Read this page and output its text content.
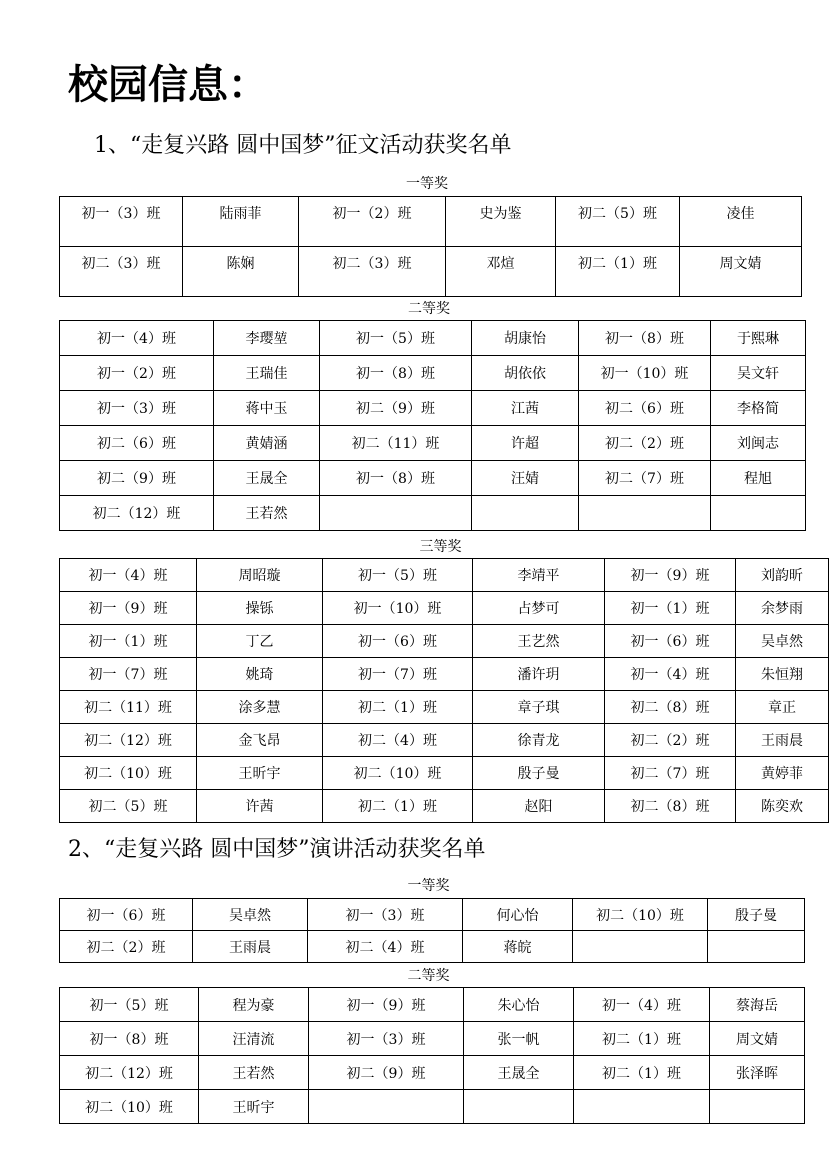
校园信息：
1、“走复兴路 圆中国梦”征文活动获奖名单
2、“走复兴路 圆中国梦”演讲活动获奖名单
一等奖
初一（3）班	陆雨菲	初一（2）班	史为鉴	初二（5）班	凌佳
初二（3）班	陈娴	初二（3）班	邓煊	初二（1）班	周文婧
二等奖
初一（4）班	李璎堃	初一（5）班	胡康怡	初一（8）班	于熙琳
初一（2）班	王瑞佳	初一（8）班	胡依依	初一（10）班	吴文轩
初一（3）班	蒋中玉	初二（9）班	江茜	初二（6）班	李格简
初二（6）班	黄婧涵	初二（11）班	许超	初二（2）班	刘闽志
初二（9）班	王晟全	初一（8）班	汪婧	初二（7）班	程旭
初二（12）班	王若然				
三等奖
初一（4）班	周昭璇	初一（5）班	李靖平	初一（9）班	刘韵昕
初一（9）班	操铄	初一（10）班	占梦可	初一（1）班	余梦雨
初一（1）班	丁乙	初一（6）班	王艺然	初一（6）班	吴卓然
初一（7）班	姚琦	初一（7）班	潘许玥	初一（4）班	朱恒翔
初二（11）班	涂多慧	初二（1）班	章子琪	初二（8）班	章正
初二（12）班	金飞昂	初二（4）班	徐青龙	初二（2）班	王雨晨
初二（10）班	王昕宇	初二（10）班	殷子曼	初二（7）班	黄婷菲
初二（5）班	许茜	初二（1）班	赵阳	初二（8）班	陈奕欢
一等奖
初一（6）班	吴卓然	初一（3）班	何心怡	初二（10）班	殷子曼
初二（2）班	王雨晨	初二（4）班	蒋皖		
二等奖
初一（5）班	程为豪	初一（9）班	朱心怡	初一（4）班	蔡海岳
初一（8）班	汪清流	初一（3）班	张一帆	初二（1）班	周文婧
初二（12）班	王若然	初二（9）班	王晟全	初二（1）班	张泽晖
初二（10）班	王昕宇				
